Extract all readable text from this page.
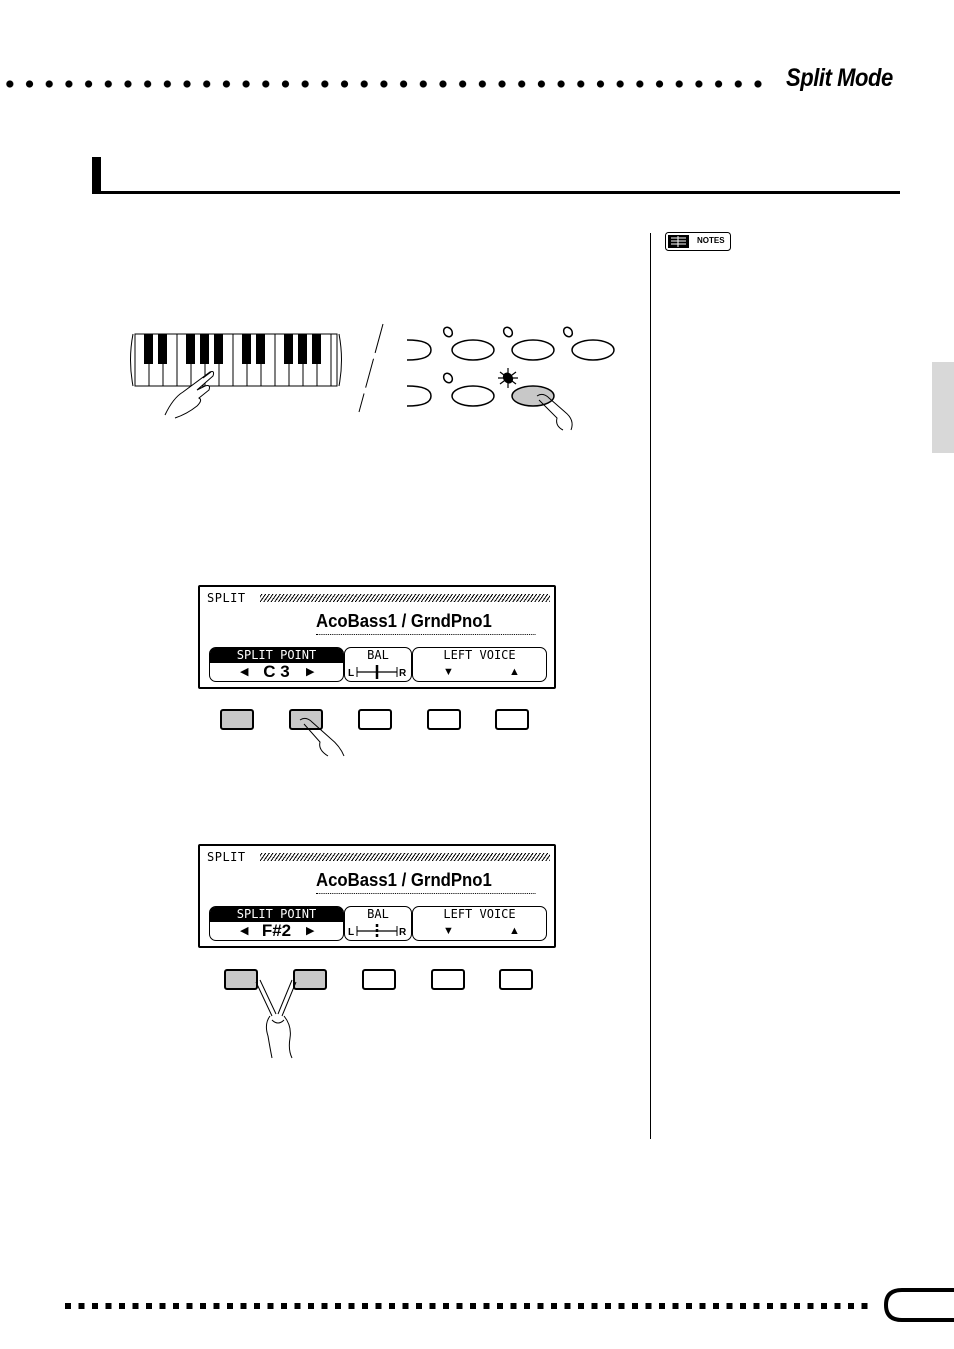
Split Mode
NOTES
SPLIT
AcoBass1 / GrndPno1
SPLIT POINT
◀ C 3	▶
BAL
L	R
LEFT VOICE
▼	▲
SPLIT
AcoBass1 / GrndPno1
SPLIT POINT
◀ F#2	▶
BAL
L	R
LEFT VOICE
▼	▲
